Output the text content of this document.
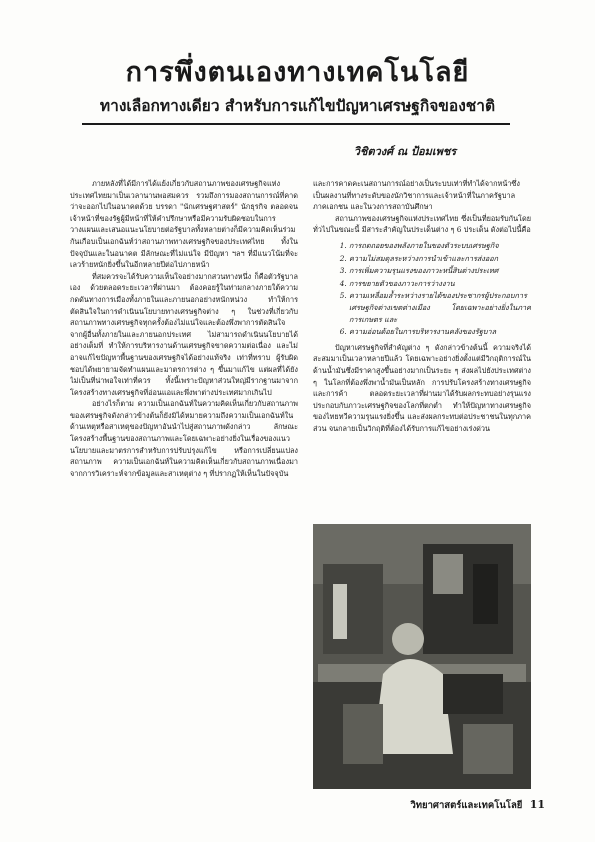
การพึ่งตนเองทางเทคโนโลยี
ทางเลือกทางเดียว สำหรับการแก้ไขปัญหาเศรษฐกิจของชาติ
วิชิตวงศ์ ณ ป้อมเพชร

ภายหลังที่ได้มีการได้แย้งเกี่ยวกับสถานภาพของเศรษฐกิจแห่งประเทศไทยมาเป็นเวลานานพอสมควร รวมถึงการมองสถานการณ์ที่คาดว่าจะออกไปในอนาคตด้วย บรรดา "นักเศรษฐศาสตร์" นักธุรกิจ ตลอดจนเจ้าหน้าที่ของรัฐผู้มีหน้าที่ให้คำปรึกษาหรือมีความรับผิดชอบในการวางแผนและเสนอแนะนโยบายต่อรัฐบาลทั้งหลายต่างก็มีความคิดเห็นร่วมกันเกือบเป็นเอกฉันท์ว่าสถานภาพทางเศรษฐกิจของประเทศไทย ทั้งในปัจจุบันและในอนาคต มีลักษณะที่ไม่แน่ใจ มีปัญหา ฯลฯ ที่มีแนวโน้มที่จะเลวร้ายหนักยิ่งขึ้นในอีกหลายปีต่อไปภายหน้า

ที่สมควรจะได้รับความเห็นใจอย่างมากสวนทางหนึ่ง ก็คือตัวรัฐบาลเอง ด้วยตลอดระยะเวลาที่ผ่านมา ต้องคอยรู้ในท่ามกลางภายใต้ความกดดันทางการเมืองทั้งภายในและภายนอกอย่างหนักหน่วง ทำให้การตัดสินใจในการดำเนินนโยบายทางเศรษฐกิจต่าง ๆ ในช่วงที่เกี่ยวกับสถานภาพทางเศรษฐกิจทุกครั้งต้องไม่แน่ใจและต้องพึ่งพาการตัดสินใจจากผู้อื่นทั้งภายในและภายนอกประเทศ ไม่สามารถดำเนินนโยบายได้อย่างเต็มที่ ทำให้การบริหารงานด้านเศรษฐกิจขาดความต่อเนื่อง และไม่อาจแก้ไขปัญหาพื้นฐานของเศรษฐกิจได้อย่างแท้จริง เท่าที่ทราบ ผู้รับผิดชอบได้พยายามจัดทำแผนและมาตรการต่าง ๆ ขึ้นมาแก้ไข แต่ผลที่ได้ยังไม่เป็นที่น่าพอใจเท่าที่ควร ทั้งนี้เพราะปัญหาส่วนใหญ่มีรากฐานมาจากโครงสร้างทางเศรษฐกิจที่อ่อนแอและพึ่งพาต่างประเทศมากเกินไป

อย่างไรก็ตาม ความเป็นเอกฉันท์ในความคิดเห็นเกี่ยวกับสถานภาพของเศรษฐกิจดังกล่าวข้างต้นก็ยังมิได้หมายความถึงความเป็นเอกฉันท์ในด้านเหตุหรือสาเหตุของปัญหาอันนำไปสู่สถานภาพดังกล่าว ลักษณะโครงสร้างพื้นฐานของสถานภาพและโดยเฉพาะอย่างยิ่งในเรื่องของแนวนโยบายและมาตรการสำหรับการปรับปรุงแก้ไข หรือการเปลี่ยนแปลงสถานภาพ ความเป็นเอกฉันท์ในความคิดเห็นเกี่ยวกับสถานภาพเนื่องมาจากการวิเคราะห์จากข้อมูลและสาเหตุต่าง ๆ ที่ปรากฏให้เห็นในปัจจุบัน

และการคาดคะเนสถานการณ์อย่างเป็นระบบเท่าที่ทำได้จากหน้าซึ่งเป็นผลงานที่ทางระดับของนักวิชาการและเจ้าหน้าที่ในภาครัฐบาล ภาคเอกชน และในวงการสถาบันศึกษา

สถานภาพของเศรษฐกิจแห่งประเทศไทย ซึ่งเป็นที่ยอมรับกันโดยทั่วไปในขณะนี้ มีสาระสำคัญในประเด็นต่าง ๆ 6 ประเด็น ดังต่อไปนี้คือ

1. การถดถอยของพลังภายในของตัวระบบเศรษฐกิจ
2. ความไม่สมดุลระหว่างการนำเข้าและการส่งออก
3. การเพิ่มความรุนแรงของภาวะหนี้สินต่างประเทศ
4. การขยายตัวของภาวะการว่างงาน
5. ความเหลื่อมล้ำระหว่างรายได้ของประชากรผู้ประกอบการเศรษฐกิจต่างเขตต่างเมือง โดยเฉพาะอย่างยิ่งในภาคการเกษตร และ
6. ความอ่อนด้อยในการบริหารงานคลังของรัฐบาล

ปัญหาเศรษฐกิจที่สำคัญต่าง ๆ ดังกล่าวข้างต้นนี้ ความจริงได้สะสมมาเป็นเวลาหลายปีแล้ว โดยเฉพาะอย่างยิ่งตั้งแต่มีวิกฤติการณ์ในด้านน้ำมันซึ่งมีราคาสูงขึ้นอย่างมากเป็นระยะ ๆ ส่งผลไปยังประเทศต่าง ๆ ในโลกที่ต้องพึ่งพาน้ำมันเป็นหลัก การปรับโครงสร้างทางเศรษฐกิจและการค้า ตลอดระยะเวลาที่ผ่านมาได้รับผลกระทบอย่างรุนแรง ประกอบกับภาวะเศรษฐกิจของโลกที่ตกต่ำ ทำให้ปัญหาทางเศรษฐกิจของไทยทวีความรุนแรงยิ่งขึ้น และส่งผลกระทบต่อประชาชนในทุกภาคส่วน จนกลายเป็นวิกฤติที่ต้องได้รับการแก้ไขอย่างเร่งด่วน

วิทยาศาสตร์และเทคโนโลยี 11
